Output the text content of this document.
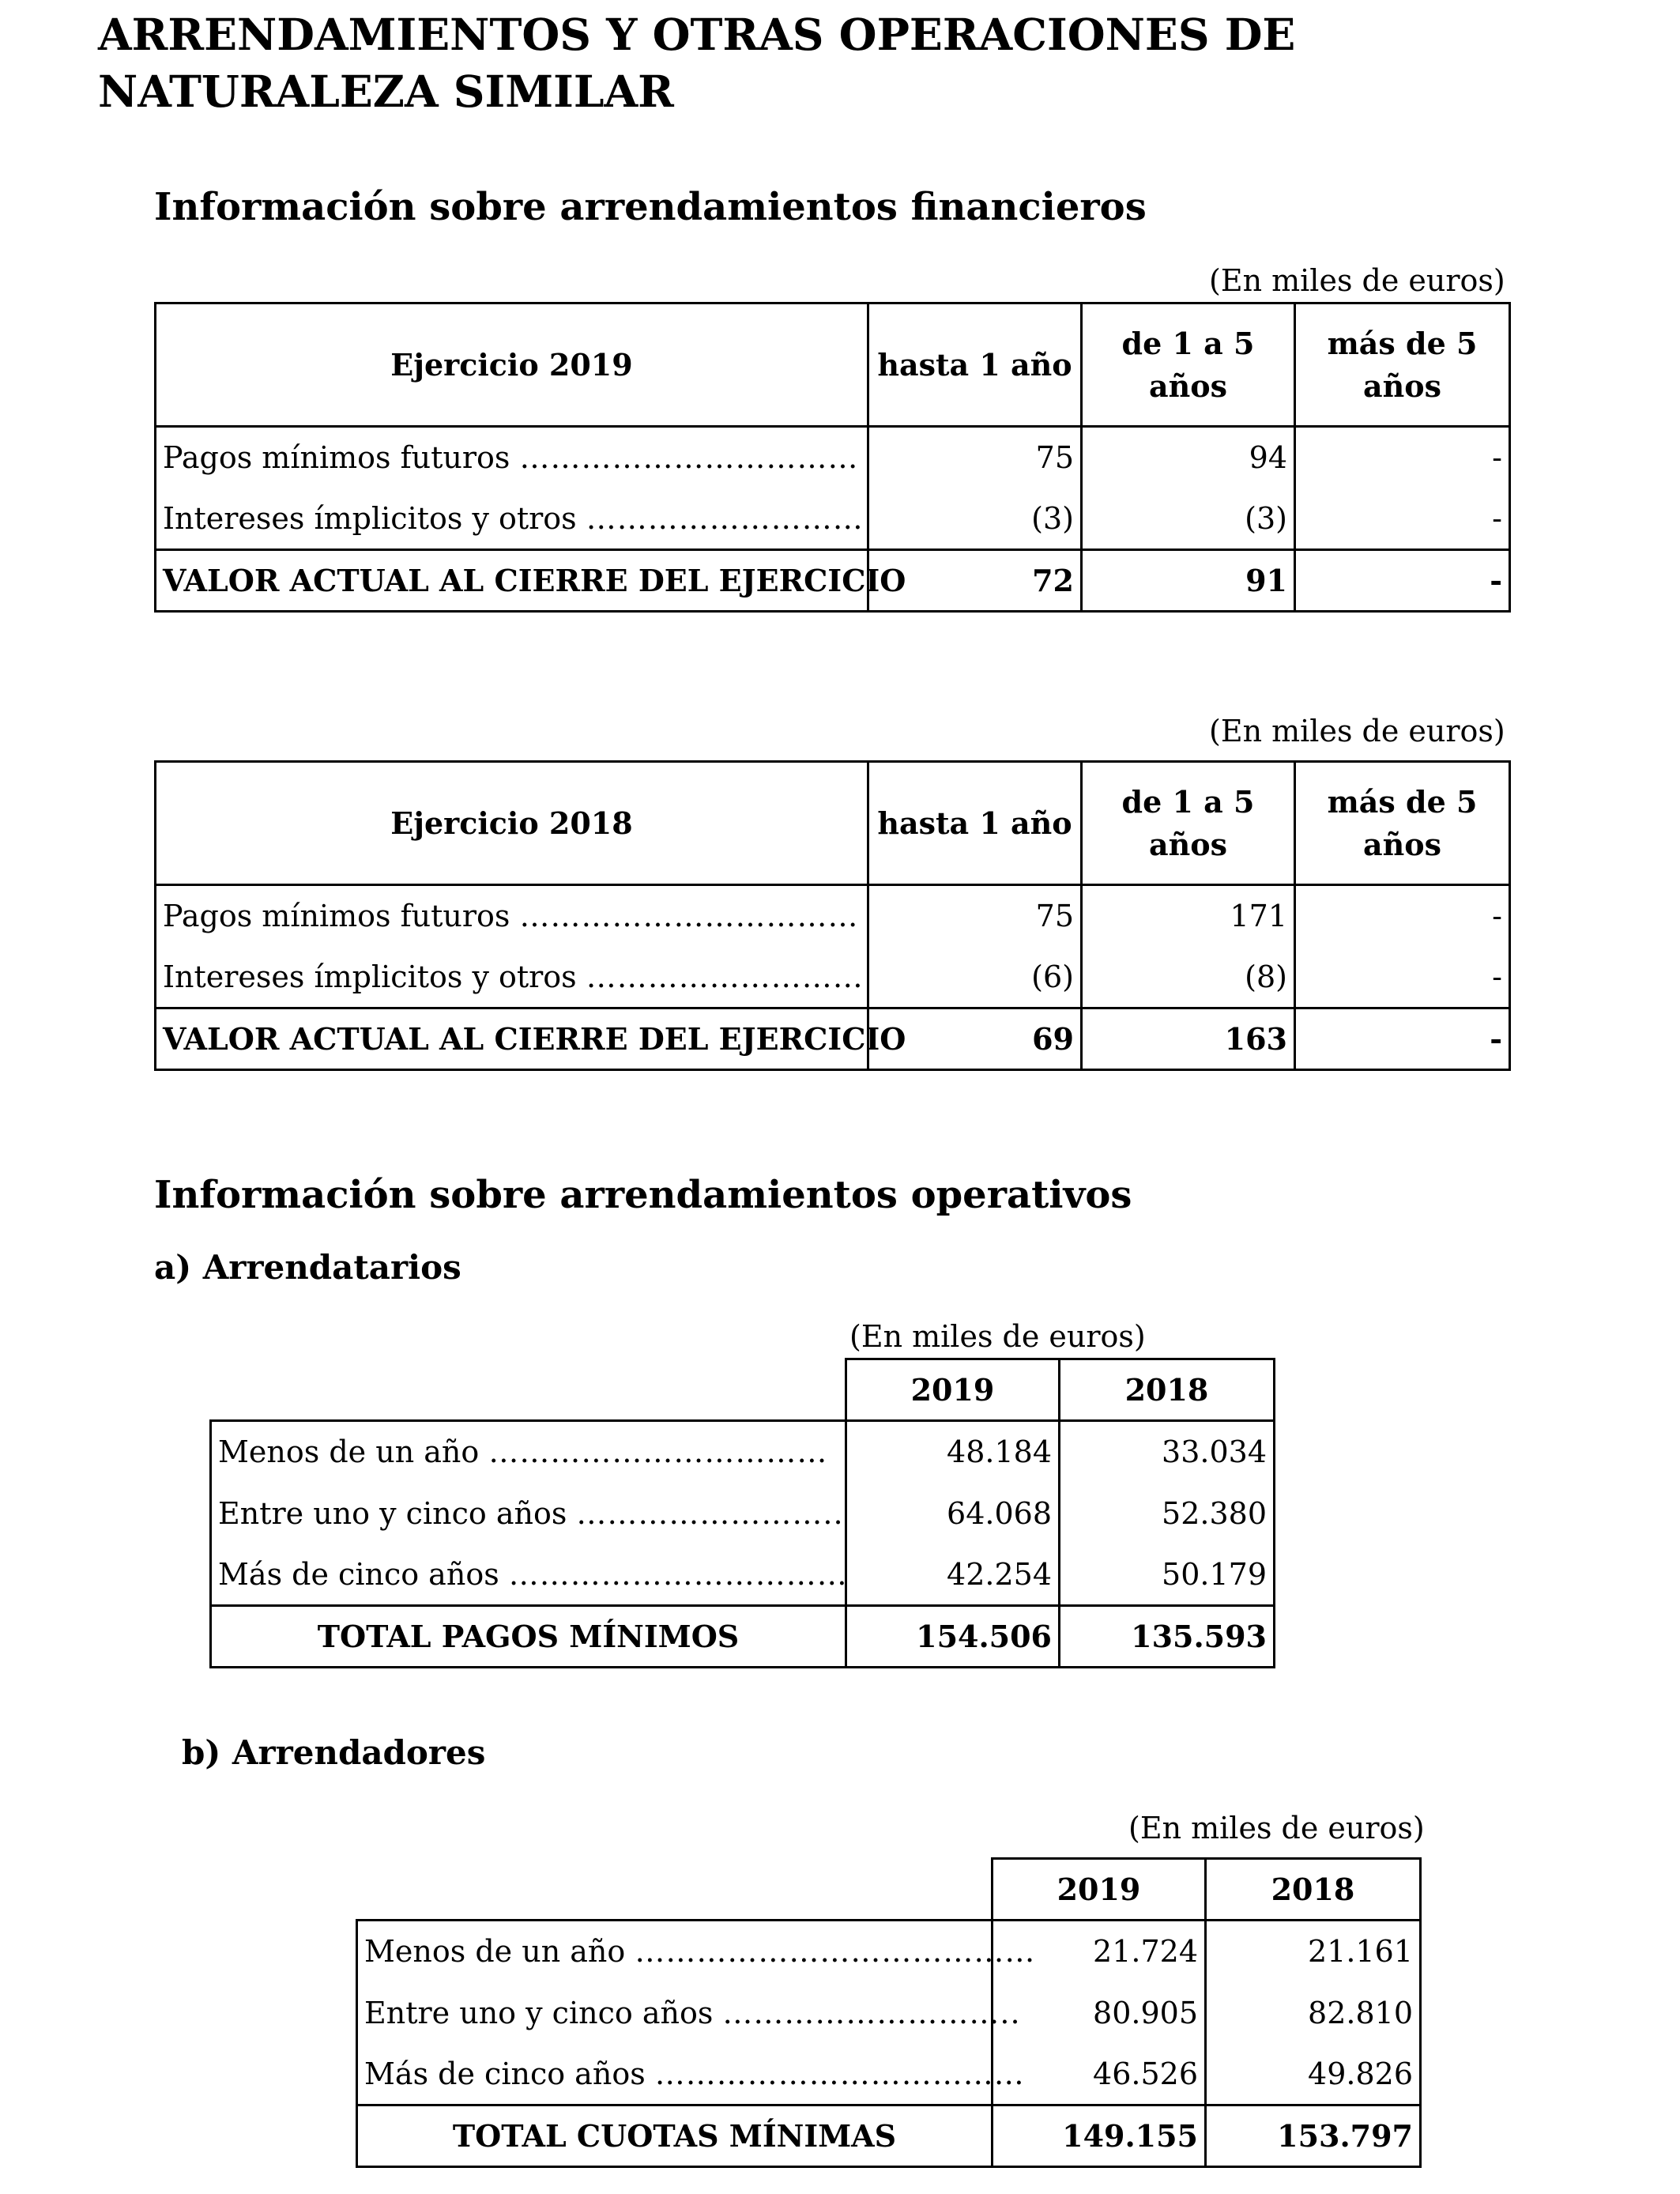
ARRENDAMIENTOS Y OTRAS OPERACIONES DE NATURALEZA SIMILAR
Información sobre arrendamientos financieros
(En miles de euros)
Ejercicio 2019	hasta 1 año	de 1 a 5 años	más de 5 años
Pagos mínimos futuros ……………………………	75	94	-
Intereses ímplicitos y otros ………………………	(3)	(3)	-
VALOR ACTUAL AL CIERRE DEL EJERCICIO	72	91	-
(En miles de euros)
Ejercicio 2018	hasta 1 año	de 1 a 5 años	más de 5 años
Pagos mínimos futuros ……………………………	75	171	-
Intereses ímplicitos y otros ………………………	(6)	(8)	-
VALOR ACTUAL AL CIERRE DEL EJERCICIO	69	163	-
Información sobre arrendamientos operativos
a) Arrendatarios
(En miles de euros)
	2019	2018
Menos de un año ……………………………	48.184	33.034
Entre uno y cinco años ……………………..	64.068	52.380
Más de cinco años ……………………………	42.254	50.179
TOTAL PAGOS MÍNIMOS	154.506	135.593
b) Arrendadores
(En miles de euros)
	2019	2018
Menos de un año …………………………………	21.724	21.161
Entre uno y cinco años ………………………..	80.905	82.810
Más de cinco años ………………………………	46.526	49.826
TOTAL CUOTAS MÍNIMAS	149.155	153.797
